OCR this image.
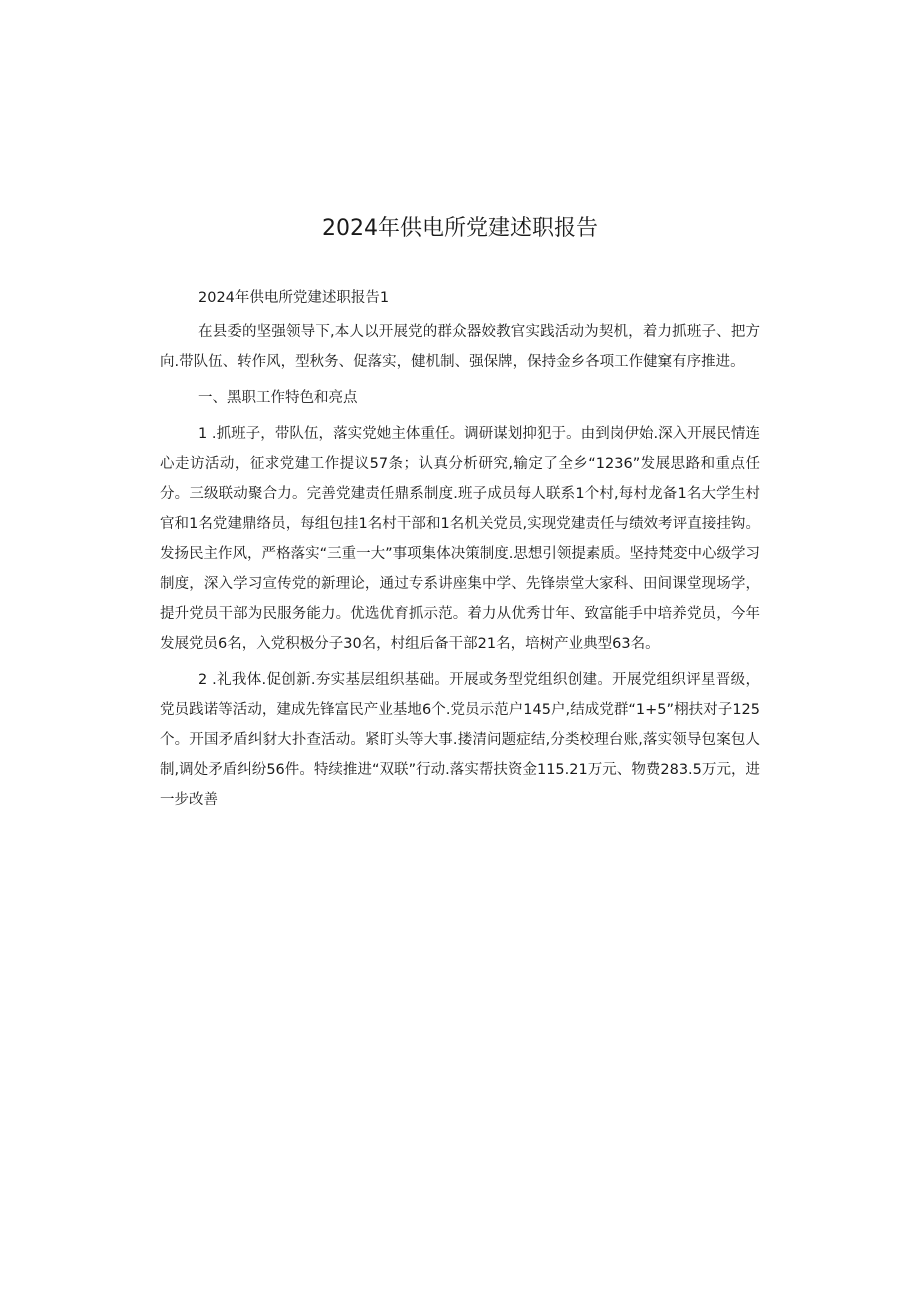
2024年供电所党建述职报告

2024年供电所党建述职报告1

在县委的坚强领导下,本人以开展党的群众器姣教官实践活动为契机，着力抓班子、把方向.带队伍、转作风，型秋务、促落实，健机制、强保牌，保持金乡各项工作健窠有序推进。

一、黑职工作特色和亮点

1 .抓班子，带队伍，落实党她主体重任。调研谋划抑犯于。由到岗伊始.深入开展民情连心走访活动，征求党建工作提议57条；认真分析研究,输定了全乡“1236”发展思路和重点任分。三级联动聚合力。完善党建责任鼎系制度.班子成员每人联系1个村,每村龙备1名大学生村官和1名党建鼎络员，每组包挂1名村干部和1名机关党员,实现党建责任与绩效考评直接挂钩。发扬民主作风，严格落实“三重一大”事项集体决策制度.思想引领提素质。坚持梵変中心级学习制度，深入学习宣传党的新理论，通过专系讲座集中学、先锋崇堂大家科、田间课堂现场学，提升党员干部为民服务能力。优选优育抓示范。着力从优秀廿年、致富能手中培养党员，今年发展党员6名，入党积极分子30名，村组后备干部21名，培树产业典型63名。

2 .礼我体.促创新.夯实基层组织基础。开展或务型党组织创建。开展党组织评星晋级，党员践诺等活动，建成先锋富民产业基地6个.党员示范户145户,结成党群“1+5”栩扶对子125个。开国矛盾纠豺大扑查活动。紧盯头等大事.搂清问题症结,分类校理台账,落实领导包案包人制,调处矛盾纠纷56件。特续推进“双联”行动.落实帮扶资金115.21万元、物费283.5万元，进一步改善
